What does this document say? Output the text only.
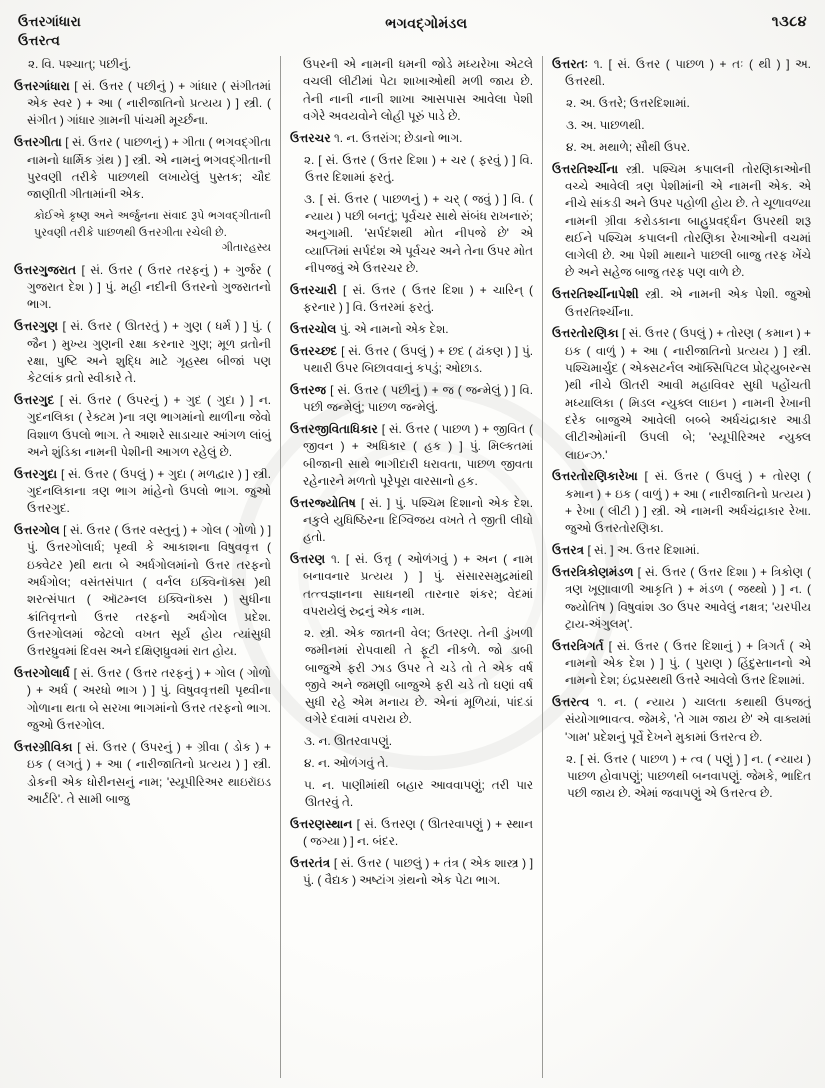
ઉત્તરગાંધારા
ઉત્તરત્વ
ભગવદ્‌ગોમંડલ	૧૩૮૪

૨. વિ. પશ્ચાત્; પછીનું.

ઉત્તરગાંધારા [ સં. ઉત્તર ( પછીનું ) + ગાંધાર ( સંગીતમાં એક સ્વર ) + આ ( નારીજાતિનો પ્રત્યય ) ] સ્ત્રી. ( સંગીત ) ગાંધાર ગ્રામની પાંચમી મૂર્ચ્છના.

ઉત્તરગીતા [ સં. ઉત્તર ( પાછળનું ) + ગીતા ( ભગવદ્‌ગીતા નામનો ધાર્મિક ગ્રંથ ) ] સ્ત્રી. એ નામનું ભગવદ્‌ગીતાની પુરવણી તરીકે પાછળથી લખાયેલું પુસ્તક; ચૌદ જાણીતી ગીતામાંની એક.

કોઈએ કૃષ્ણ અને અર્જુનના સંવાદ રૂપે ભગવદ્‌ગીતાની પુરવણી તરીકે પાછળથી ઉત્તરગીતા રચેલી છે.
ગીતારહસ્ય

ઉત્તરગુજરાત [ સં. ઉત્તર ( ઉત્તર તરફનું ) + ગુર્જર ( ગુજરાત દેશ ) ] પું. મહી નદીની ઉત્તરનો ગુજરાતનો ભાગ.

ઉત્તરગુણ [ સં. ઉત્તર ( ઊતરતું ) + ગુણ ( ધર્મ ) ] પું. ( જૈન ) મુખ્ય ગુણની રક્ષા કરનાર ગુણ; મૂળ વ્રતોની રક્ષા, પુષ્ટિ અને શુદ્ધિ માટે ગૃહસ્થ બીજાં પણ કેટલાંક વ્રતો સ્વીકારે તે.

ઉત્તરગુદ [ સં. ઉત્તર ( ઉપરનું ) + ગુદ ( ગુદા ) ] ન. ગુદનલિકા ( રેક્ટમ )ના ત્રણ ભાગમાંનો થાળીના જેવો વિશાળ ઉપલો ભાગ. તે આશરે સાડાચાર આંગળ લાંબું અને શુંડિકા નામની પેશીની આગળ રહેલું છે.

ઉત્તરગુદા [ સં. ઉત્તર ( ઉપલું ) + ગુદા ( મળદ્વાર ) ] સ્ત્રી. ગુદનલિકાના ત્રણ ભાગ માંહેનો ઉપલો ભાગ. જુઓ ઉત્તરગુદ.

ઉત્તરગોલ [ સં. ઉત્તર ( ઉત્તર વસ્તુનું ) + ગોલ ( ગોળો ) ] પું. ઉત્તરગોલાર્ધ; પૃથ્વી કે આકાશના વિષુવવૃત્ત ( ઇક્વેટર )થી થતા બે અર્ધગોલમાંનો ઉત્તર તરફનો અર્ધગોલ; વસંતસંપાત ( વર્નલ ઇક્વિનૉક્સ )થી શરત્સંપાત ( ઑટમ્નલ ઇક્વિનૉક્સ ) સુધીના ક્રાંતિવૃત્તનો ઉત્તર તરફનો અર્ધગોલ પ્રદેશ. ઉત્તરગોલમાં જેટલો વખત સૂર્ય હોય ત્યાંસુધી ઉત્તરધ્રુવમાં દિવસ અને દક્ષિણધ્રુવમાં રાત હોય.

ઉત્તરગોલાર્ધ [ સં. ઉત્તર ( ઉત્તર તરફનું ) + ગોલ ( ગોળો ) + અર્ધ ( અરધો ભાગ ) ] પું. વિષુવવૃત્તથી પૃથ્વીના ગોળાના થતા બે સરખા ભાગમાંનો ઉત્તર તરફનો ભાગ. જુઓ ઉત્તરગોલ.

ઉત્તરગ્રીવિકા [ સં. ઉત્તર ( ઉપરનું ) + ગ્રીવા ( ડોક ) + ઇક ( લગતું ) + આ ( નારીજાતિનો પ્રત્યય ) ] સ્ત્રી. ડોકની એક ધોરીનસનું નામ; 'સ્યૂપીરિઅર થાઇરૉઇડ આર્ટરિ'. તે સામી બાજુ

ઉપરની એ નામની ધમની જોડે મધ્યરેખા એટલે વચલી લીટીમાં પેટા શાખાઓથી મળી જાય છે. તેની નાની નાની શાખા આસપાસ આવેલા પેશી વગેરે અવયવોને લોહી પૂરું પાડે છે.

ઉત્તરચર ૧. ન. ઉત્તરાંગ; છેડાનો ભાગ.

૨. [ સં. ઉત્તર ( ઉત્તર દિશા ) + ચર ( ફરવું ) ] વિ. ઉત્તર દિશામાં ફરતું.

૩. [ સં. ઉત્તર ( પાછળનું ) + ચર્ ( જવું ) ] વિ. ( ન્યાય ) પછી બનતું; પૂર્વચર સાથે સંબંધ રાખનારું; અનુગામી. 'સર્પદંશથી મોત નીપજે છે' એ વ્યાપ્તિમાં સર્પદંશ એ પૂર્વચર અને તેના ઉપર મોત નીપજવું એ ઉત્તરચર છે.

ઉત્તરચારી [ સં. ઉત્તર ( ઉત્તર દિશા ) + ચારિન્ ( ફરનાર ) ] વિ. ઉત્તરમાં ફરતું.

ઉત્તરચોલ પું. એ નામનો એક દેશ.

ઉત્તરચ્છદ [ સં. ઉત્તર ( ઉપલું ) + છદ ( ઢાંકણ ) ] પું. પથારી ઉપર બિછાવવાનું કપડું; ઓછાડ.

ઉત્તરજ [ સં. ઉત્તર ( પછીનું ) + જ ( જન્મેલું ) ] વિ. પછી જન્મેલું; પાછળ જન્મેલું.

ઉત્તરજીવિતાધિકાર [ સં. ઉત્તર ( પાછળ ) + જીવિત ( જીવન ) + અધિકાર ( હક ) ] પું. મિલ્કતમાં બીજાની સાથે ભાગીદારી ધરાવતા, પાછળ જીવતા રહેનારને મળતો પૂરેપૂરા વારસાનો હક.

ઉત્તરજ્યોતિષ [ સં. ] પું. પશ્ચિમ દિશાનો એક દેશ. નકુલે યુધિષ્ઠિરના દિગ્વિજય વખતે તે જીતી લીધો હતો.

ઉત્તરણ ૧. [ સં. ઉત્તૃ ( ઓળંગવું ) + અન ( નામ બનાવનાર પ્રત્યય ) ] પું. સંસારસમુદ્રમાંથી તત્ત્વજ્ઞાનના સાધનથી તારનાર શંકર; વેદમાં વપરાયેલું રુદ્રનું એક નામ.

૨. સ્ત્રી. એક જાતની વેલ; ઉતરણ. તેની ડુંખળી જમીનમાં રોપવાથી તે ફૂટી નીકળે. જો ડાબી બાજુએ ફરી ઝાડ ઉપર તે ચડે તો તે એક વર્ષ જીવે અને જમણી બાજુએ ફરી ચડે તો ઘણાં વર્ષ સુધી રહે એમ મનાય છે. એનાં મૂળિયાં, પાંદડાં વગેરે દવામાં વપરાય છે.

૩. ન. ઊતરવાપણું.

૪. ન. ઓળંગવું તે.

૫. ન. પાણીમાંથી બહાર આવવાપણું; તરી પાર ઊતરવું તે.

ઉત્તરણસ્થાન [ સં. ઉત્તરણ ( ઊતરવાપણું ) + સ્થાન ( જગ્યા ) ] ન. બંદર.

ઉત્તરતંત્ર [ સં. ઉત્તર ( પાછલું ) + તંત્ર ( એક શાસ્ત્ર ) ] પું. ( વૈદ્યક ) અષ્ટાંગ ગ્રંથનો એક પેટા ભાગ.

ઉત્તરતઃ ૧. [ સં. ઉત્તર ( પાછળ ) + તઃ ( થી ) ] અ. ઉત્તરથી.

૨. અ. ઉત્તરે; ઉત્તરદિશામાં.

૩. અ. પાછળથી.

૪. અ. મથાળે; સૌથી ઉપર.

ઉત્તરતિર્શ્ચીના સ્ત્રી. પશ્ચિમ કપાલની તોરણિકાઓની વચ્ચે આવેલી ત્રણ પેશીમાંની એ નામની એક. એ નીચે સાંકડી અને ઉપર પહોળી હોય છે. તે ચૂળાવળ્યા નામની ગ્રીવા કરોડકાના બાહુપ્રવર્દ્ધન ઉપરથી શરૂ થઈને પશ્ચિમ કપાલની તોરણિકા રેખાઓની વચમાં લાગેલી છે. આ પેશી માથાને પાછલી બાજુ તરફ ખેંચે છે અને સહેજ બાજુ તરફ પણ વાળે છે.

ઉત્તરતિર્શ્ચીનાપેશી સ્ત્રી. એ નામની એક પેશી. જુઓ ઉત્તરતિર્શ્ચીના.

ઉત્તરતોરણિકા [ સં. ઉત્તર ( ઉપલું ) + તોરણ ( કમાન ) + ઇક ( વાળું ) + આ ( નારીજાતિનો પ્રત્યય ) ] સ્ત્રી. પશ્ચિમાર્ચુદ ( એક્સટર્નલ ઑક્સિપિટલ પ્રોટ્યુબરન્સ )થી નીચે ઊતરી આવી મહાવિવર સુધી પહોંચતી મધ્યાલિકા ( મિડલ ન્યુક્લ લાઇન ) નામની રેખાની દરેક બાજુએ આવેલી બબ્બે અર્ધચંદ્રાકાર આડી લીટીઓમાંની ઉપલી બે; 'સ્યૂપીરિઅર ન્યુક્લ લાઇન્ઝ.'

ઉત્તરતોરણિકારેખા [ સં. ઉત્તર ( ઉપલું ) + તોરણ ( કમાન ) + ઇક ( વાળું ) + આ ( નારીજાતિનો પ્રત્યય ) + રેખા ( લીટી ) ] સ્ત્રી. એ નામની અર્ધચંદ્રાકાર રેખા. જુઓ ઉત્તરતોરણિકા.

ઉત્તરત્ર [ સં. ] અ. ઉત્તર દિશામાં.

ઉત્તરત્રિકોણમંડળ [ સં. ઉત્તર ( ઉત્તર દિશા ) + ત્રિકોણ ( ત્રણ ખૂણાવાળી આકૃતિ ) + મંડળ ( જથ્થો ) ] ન. ( જ્યોતિષ ) વિષુવાંશ ૩૦ ઉપર આવેલું નક્ષત્ર; 'યરપીય ટ્રાય-ઍંગુલમ્'.

ઉત્તરત્રિગર્ત [ સં. ઉત્તર ( ઉત્તર દિશાનું ) + ત્રિગર્ત ( એ નામનો એક દેશ ) ] પું. ( પુરાણ ) હિંદુસ્તાનનો એ નામનો દેશ; ઇંદ્રપ્રસ્થથી ઉત્તરે આવેલો ઉત્તર દિશામાં.

ઉત્તરત્વ ૧. ન. ( ન્યાય ) ચાલતા કથાથી ઉપજતું સંયોગાભાવત્વ. જેમકે, 'તે ગામ જાય છે' એ વાક્યમાં 'ગામ' પ્રદેશનું પૂર્વે દેખને મુકામાં ઉત્તરત્વ છે.

૨. [ સં. ઉત્તર ( પાછળ ) + ત્વ ( પણું ) ] ન. ( ન્યાય ) પાછળ હોવાપણું; પાછળથી બનવાપણું. જેમકે, ભાદિત પછી જાય છે. એમાં જવાપણું એ ઉત્તરત્વ છે.
